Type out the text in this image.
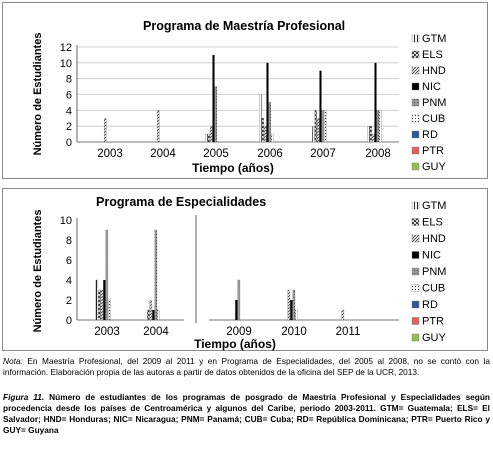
Programa de Maestría Profesional
0
2
4
6
8
10
12
2003 2004 2005 2006 2007	2008
Tiempo (años)
Número de Estudiantes	GTM
ELS
HND
NIC
PNM
CUB
RD
PTR
GUY
Programa de Especialidades
0
2
4
6
8
10
2003 2004	2009	2010	2011
Tiempo (años)
Número de Estudiantes
GTM
ELS
HND
NIC
PNM
CUB
RD
PTR
GUY
Nota: En Maestría Profesional, del 2009 al 2011 y en Programa de Especialidades, del 2005 al 2008, no se contó con la información. Elaboración propia de las autoras a partir de datos obtenidos de la oficina del SEP de la UCR, 2013.
Figura 11. Número de estudiantes de los programas de posgrado de Maestría Profesional y Especialidades según procedencia desde los países de Centroamérica y algunos del Caribe, periodo 2003-2011. GTM= Guatemala; ELS= El Salvador; HND= Honduras; NIC= Nicaragua; PNM= Panamá; CUB= Cuba; RD= República Dominicana; PTR= Puerto Rico y GUY= Guyana
